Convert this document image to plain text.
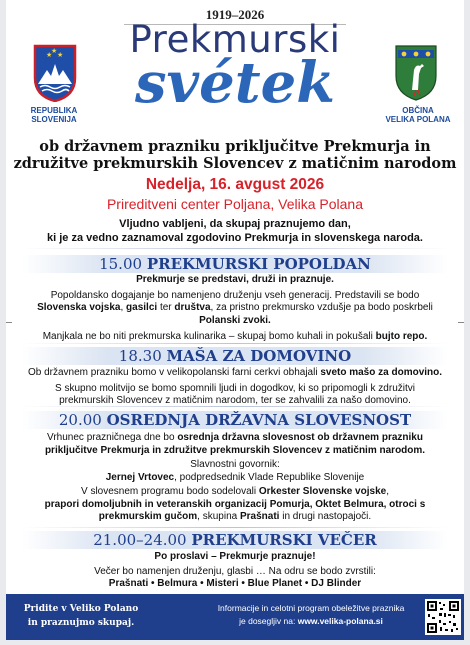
1919–2026
Prekmurski
svétek
★
★ ★
REPUBLIKA
SLOVENIJA
OBČINA
VELIKA POLANA
ob državnem prazniku priključitve Prekmurja in
združitve prekmurskih Slovencev z matičnim narodom
Nedelja, 16. avgust 2026
Prireditveni center Poljana, Velika Polana
Vljudno vabljeni, da skupaj praznujemo dan,
ki je za vedno zaznamoval zgodovino Prekmurja in slovenskega naroda.
15.00 PREKMURSKI POPOLDAN
Prekmurje se predstavi, druži in praznuje.
Popoldansko dogajanje bo namenjeno druženju vseh generacij. Predstavili se bodo
Slovenska vojska, gasilci ter društva, za pristno prekmursko vzdušje pa bodo poskrbeli
Polanski zvoki.
Manjkala ne bo niti prekmurska kulinarika – skupaj bomo kuhali in pokušali bujto repo.
18.30 MAŠA ZA DOMOVINO
Ob državnem prazniku bomo v velikopolanski farni cerkvi obhajali sveto mašo za domovino.
S skupno molitvijo se bomo spomnili ljudi in dogodkov, ki so pripomogli k združitvi
prekmurskih Slovencev z matičnim narodom, ter se zahvalili za našo domovino.
20.00 OSREDNJA DRŽAVNA SLOVESNOST
Vrhunec prazničnega dne bo osrednja državna slovesnost ob državnem prazniku
priključitve Prekmurja in združitve prekmurskih Slovencev z matičnim narodom.
Slavnostni govornik:
Jernej Vrtovec, podpredsednik Vlade Republike Slovenije
V slovesnem programu bodo sodelovali Orkester Slovenske vojske,
prapori domoljubnih in veteranskih organizacij Pomurja, Oktet Belmura, otroci s
prekmurskim gučom, skupina Prašnati in drugi nastopajoči.
21.00–24.00 PREKMURSKI VEČER
Po proslavi – Prekmurje praznuje!
Večer bo namenjen druženju, glasbi … Na odru se bodo zvrstili:
Prašnati • Belmura • Misteri • Blue Planet • DJ Blinder
Pridite v Veliko Polano
in praznujmo skupaj.
Informacije in celotni program obeležitve praznika
je dosegljiv na: www.velika-polana.si
